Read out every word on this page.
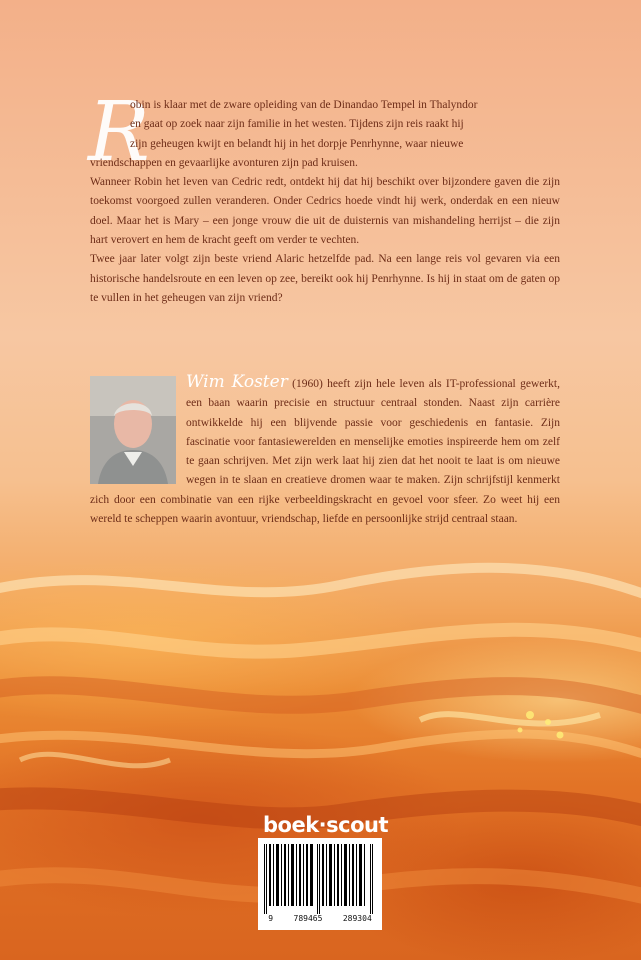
R

obin is klaar met de zware opleiding van de Dinandao Tempel in Thalyndor
en gaat op zoek naar zijn familie in het westen. Tijdens zijn reis raakt hij
zijn geheugen kwijt en belandt hij in het dorpje Penrhynne, waar nieuwe
vriendschappen en gevaarlijke avonturen zijn pad kruisen.

Wanneer Robin het leven van Cedric redt, ontdekt hij dat hij beschikt over bijzondere gaven die zijn toekomst voorgoed zullen veranderen. Onder Cedrics hoede vindt hij werk, onderdak en een nieuw doel. Maar het is Mary – een jonge vrouw die uit de duisternis van mishandeling herrijst – die zijn hart verovert en hem de kracht geeft om verder te vechten.

Twee jaar later volgt zijn beste vriend Alaric hetzelfde pad. Na een lange reis vol gevaren via een historische handelsroute en een leven op zee, bereikt ook hij Penrhynne. Is hij in staat om de gaten op te vullen in het geheugen van zijn vriend?

Wim Koster (1960) heeft zijn hele leven als IT-professional gewerkt, een baan waarin precisie en structuur centraal stonden. Naast zijn carrière ontwikkelde hij een blijvende passie voor geschiedenis en fantasie. Zijn fascinatie voor fantasiewerelden en menselijke emoties inspireerde hem om zelf te gaan schrijven. Met zijn werk laat hij zien dat het nooit te laat is om nieuwe wegen in te slaan en creatieve dromen waar te maken. Zijn schrijfstijl kenmerkt zich door een combinatie van een rijke verbeeldingskracht en gevoel voor sfeer. Zo weet hij een wereld te scheppen waarin avontuur, vriendschap, liefde en persoonlijke strijd centraal staan.
boek·scout
9	789465	289304
